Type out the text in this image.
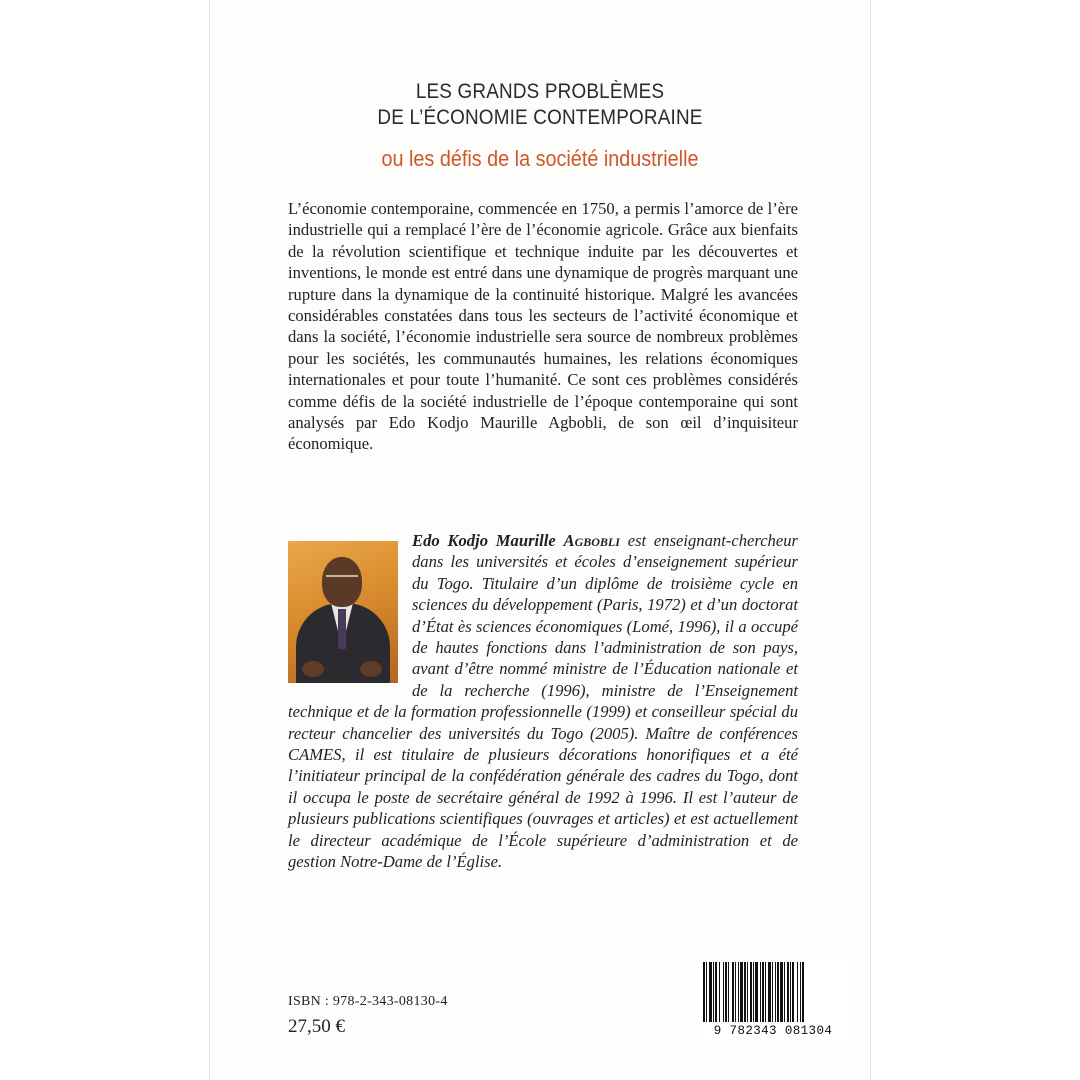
LES GRANDS PROBLÈMES
DE L’ÉCONOMIE CONTEMPORAINE
ou les défis de la société industrielle

L’économie contemporaine, commencée en 1750, a permis l’amorce de l’ère industrielle qui a remplacé l’ère de l’économie agricole. Grâce aux bienfaits de la révolution scientifique et technique induite par les découvertes et inventions, le monde est entré dans une dynamique de progrès marquant une rupture dans la dynamique de la continuité historique. Malgré les avancées considérables constatées dans tous les secteurs de l’activité économique et dans la société, l’économie industrielle sera source de nombreux problèmes pour les sociétés, les communautés humaines, les relations économiques internationales et pour toute l’humanité. Ce sont ces problèmes considérés comme défis de la société industrielle de l’époque contemporaine qui sont analysés par Edo Kodjo Maurille Agbobli, de son œil d’inquisiteur économique.

Edo Kodjo Maurille Agbobli est enseignant-chercheur dans les universités et écoles d’enseignement supérieur du Togo. Titulaire d’un diplôme de troisième cycle en sciences du développement (Paris, 1972) et d’un doctorat d’État ès sciences économiques (Lomé, 1996), il a occupé de hautes fonctions dans l’administration de son pays, avant d’être nommé ministre de l’Éducation nationale et de la recherche (1996), ministre de l’Enseignement technique et de la formation professionnelle (1999) et conseilleur spécial du recteur chancelier des universités du Togo (2005). Maître de conférences CAMES, il est titulaire de plusieurs décorations honorifiques et a été l’initiateur principal de la confédération générale des cadres du Togo, dont il occupa le poste de secrétaire général de 1992 à 1996. Il est l’auteur de plusieurs publications scientifiques (ouvrages et articles) et est actuellement le directeur académique de l’École supérieure d’administration et de gestion Notre-Dame de l’Église.
ISBN : 978-2-343-08130-4
27,50 €	9 782343 081304
